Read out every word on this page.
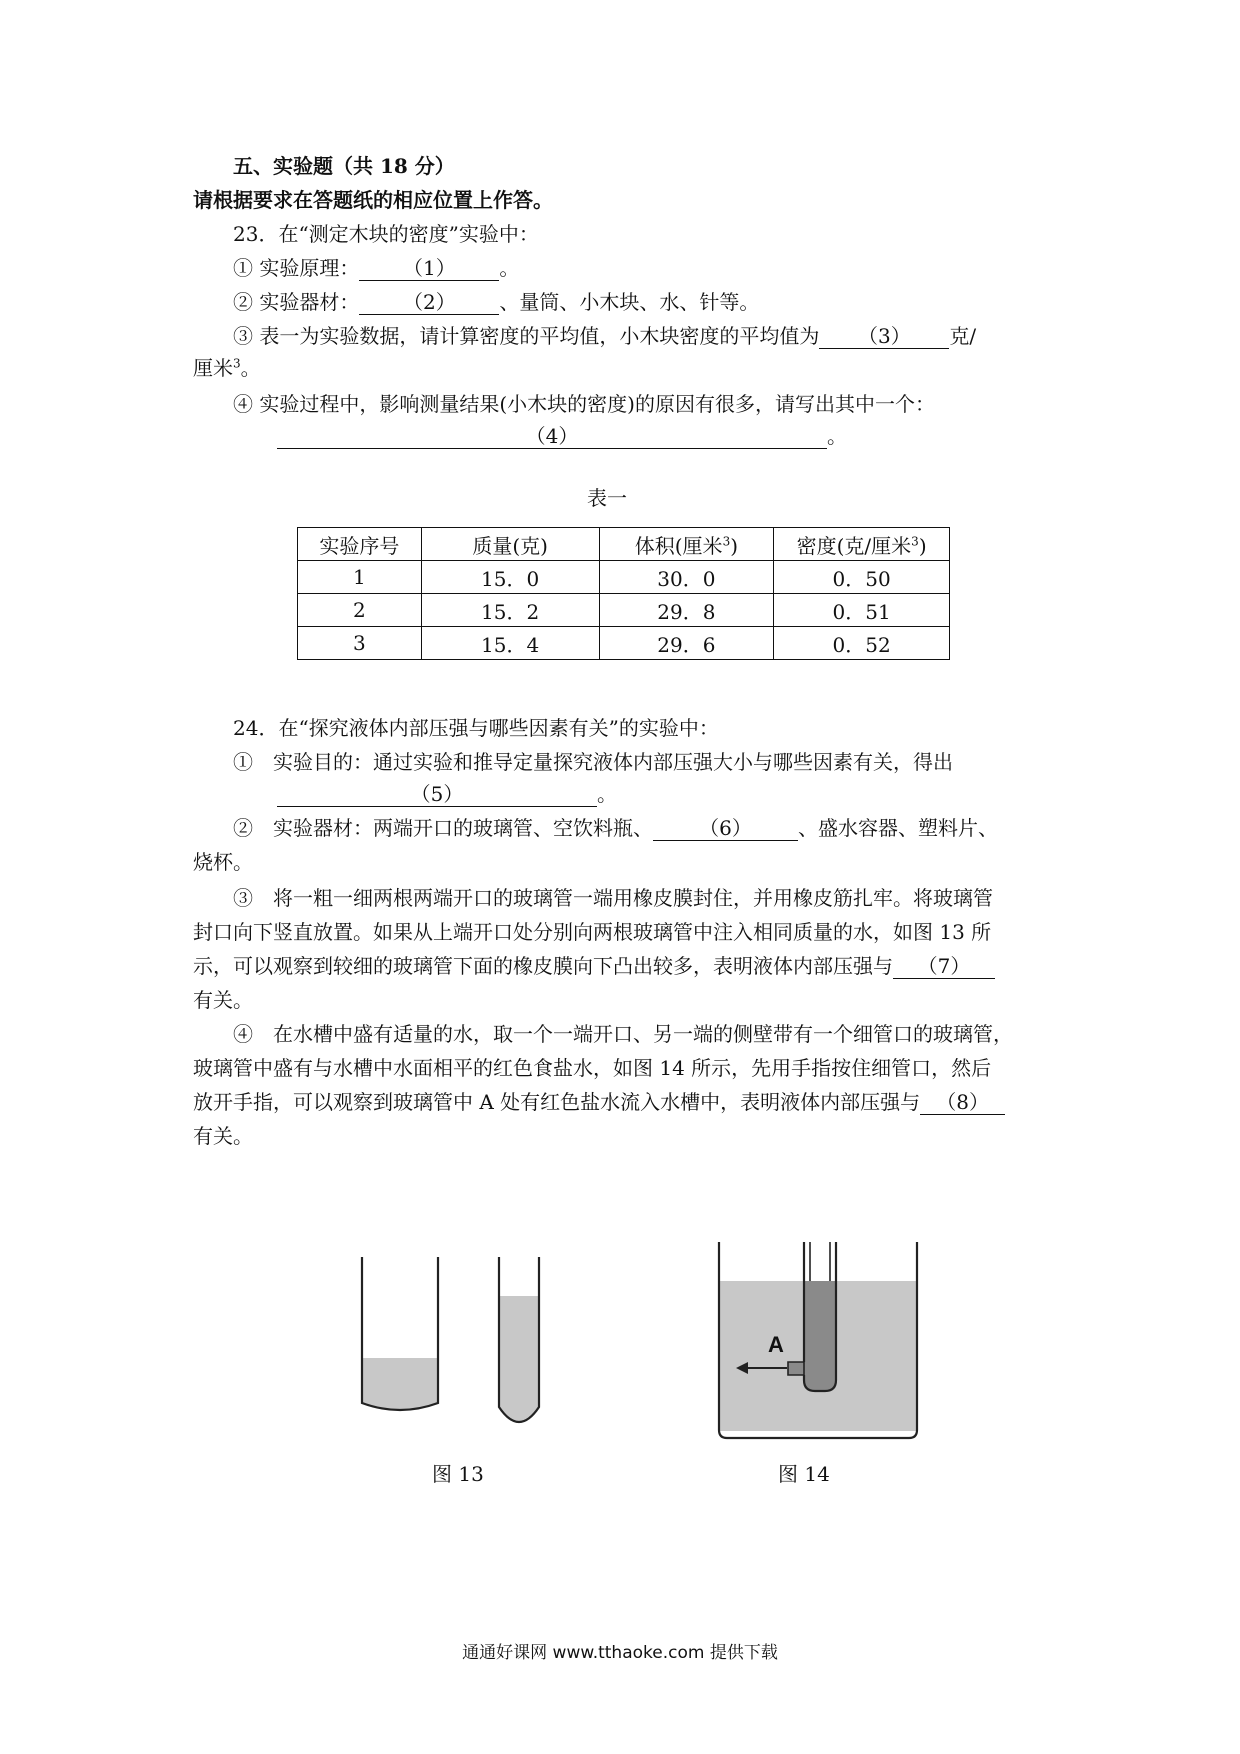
五、实验题（共 18 分）
请根据要求在答题纸的相应位置上作答。
23．在“测定木块的密度”实验中：
① 实验原理： （1） 。
② 实验器材： （2） 、量筒、小木块、水、针等。
③ 表一为实验数据，请计算密度的平均值，小木块密度的平均值为 （3） 克/
厘米$^3$。
④ 实验过程中，影响测量结果(小木块的密度)的原因有很多，请写出其中一个：
（4）	。
表一
实验序号	质量(克)	体积(厘米$^3$)	密度(克/厘米$^3$)
1	15．0	30．0	0．50
2	15．2	29．8	0．51
3	15．4	29．6	0．52
24．在“探究液体内部压强与哪些因素有关”的实验中：
①　实验目的：通过实验和推导定量探究液体内部压强大小与哪些因素有关，得出
（5）	。
②　实验器材：两端开口的玻璃管、空饮料瓶、 （6） 、盛水容器、塑料片、
烧杯。
③　将一粗一细两根两端开口的玻璃管一端用橡皮膜封住，并用橡皮筋扎牢。将玻璃管
封口向下竖直放置。如果从上端开口处分别向两根玻璃管中注入相同质量的水，如图 13 所
示，可以观察到较细的玻璃管下面的橡皮膜向下凸出较多，表明液体内部压强与 （7）
有关。
④　在水槽中盛有适量的水，取一个一端开口、另一端的侧壁带有一个细管口的玻璃管，
玻璃管中盛有与水槽中水面相平的红色食盐水，如图 14 所示，先用手指按住细管口，然后
放开手指，可以观察到玻璃管中 A 处有红色盐水流入水槽中，表明液体内部压强与 （8）
有关。
图 13
A
图 14
通通好课网 www.tthaoke.com 提供下载
